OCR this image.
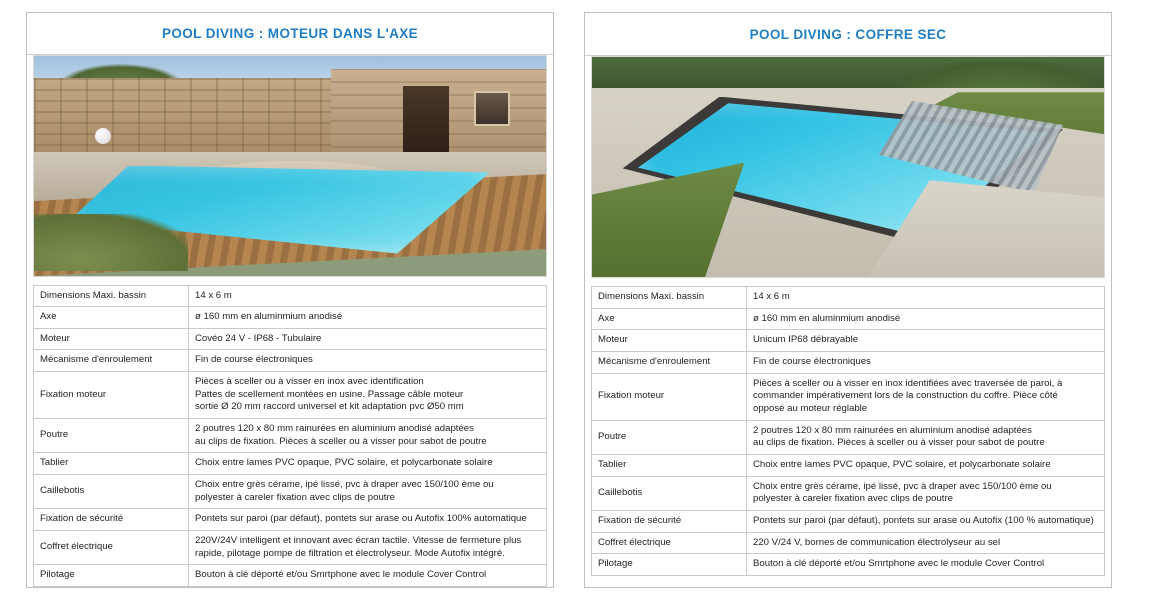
POOL DIVING : MOTEUR DANS L'AXE
Dimensions Maxi. bassin	14 x 6 m

Axe	ø 160 mm en aluminmium anodisé

Moteur	Covéo 24 V - IP68 - Tubulaire

Mécanisme d'enroulement	Fin de course électroniques

Fixation moteur	Pièces à sceller ou à visser en inox avec identification
Pattes de scellement montées en usine. Passage câble moteur
sortie Ø 20 mm raccord universel et kit adaptation pvc Ø50 mm

Poutre	2 poutres 120 x 80 mm rainurées en aluminium anodisé adaptées
au clips de fixation. Pièces à sceller ou à visser pour sabot de poutre

Tablier	Choix entre lames PVC opaque, PVC solaire, et polycarbonate solaire

Caillebotis	Choix entre grès cérame, ipé lissé, pvc à draper avec 150/100 ème ou
polyester à careler fixation avec clips de poutre

Fixation de sécurité	Pontets sur paroi (par défaut), pontets sur arase ou Autofix 100% automatique

Coffret électrique	220V/24V intelligent et innovant avec écran tactile. Vitesse de fermeture plus
rapide, pilotage pompe de filtration et électrolyseur. Mode Autofix intégré.

Pilotage	Bouton à clé déporté et/ou Smrtphone avec le module Cover Control
POOL DIVING : COFFRE SEC
Dimensions Maxi. bassin	14 x 6 m

Axe	ø 160 mm en aluminmium anodisé

Moteur	Unicum IP68 débrayable

Mécanisme d'enroulement	Fin de course électroniques

Fixation moteur	Pièces à sceller ou à visser en inox identifiées avec traversée de paroi, à
commander impérativement lors de la construction du coffre. Pièce côté
opposé au moteur réglable

Poutre	2 poutres 120 x 80 mm rainurées en aluminium anodisé adaptées
au clips de fixation. Pièces à sceller ou à visser pour sabot de poutre

Tablier	Choix entre lames PVC opaque, PVC solaire, et polycarbonate solaire

Caillebotis	Choix entre grès cérame, ipé lissé, pvc à draper avec 150/100 ème ou
polyester à careler fixation avec clips de poutre

Fixation de sécurité	Pontets sur paroi (par défaut), pontets sur arase ou Autofix (100 % automatique)

Coffret électrique	220 V/24 V, bornes de communication électrolyseur au sel

Pilotage	Bouton à clé déporté et/ou Smrtphone avec le module Cover Control
